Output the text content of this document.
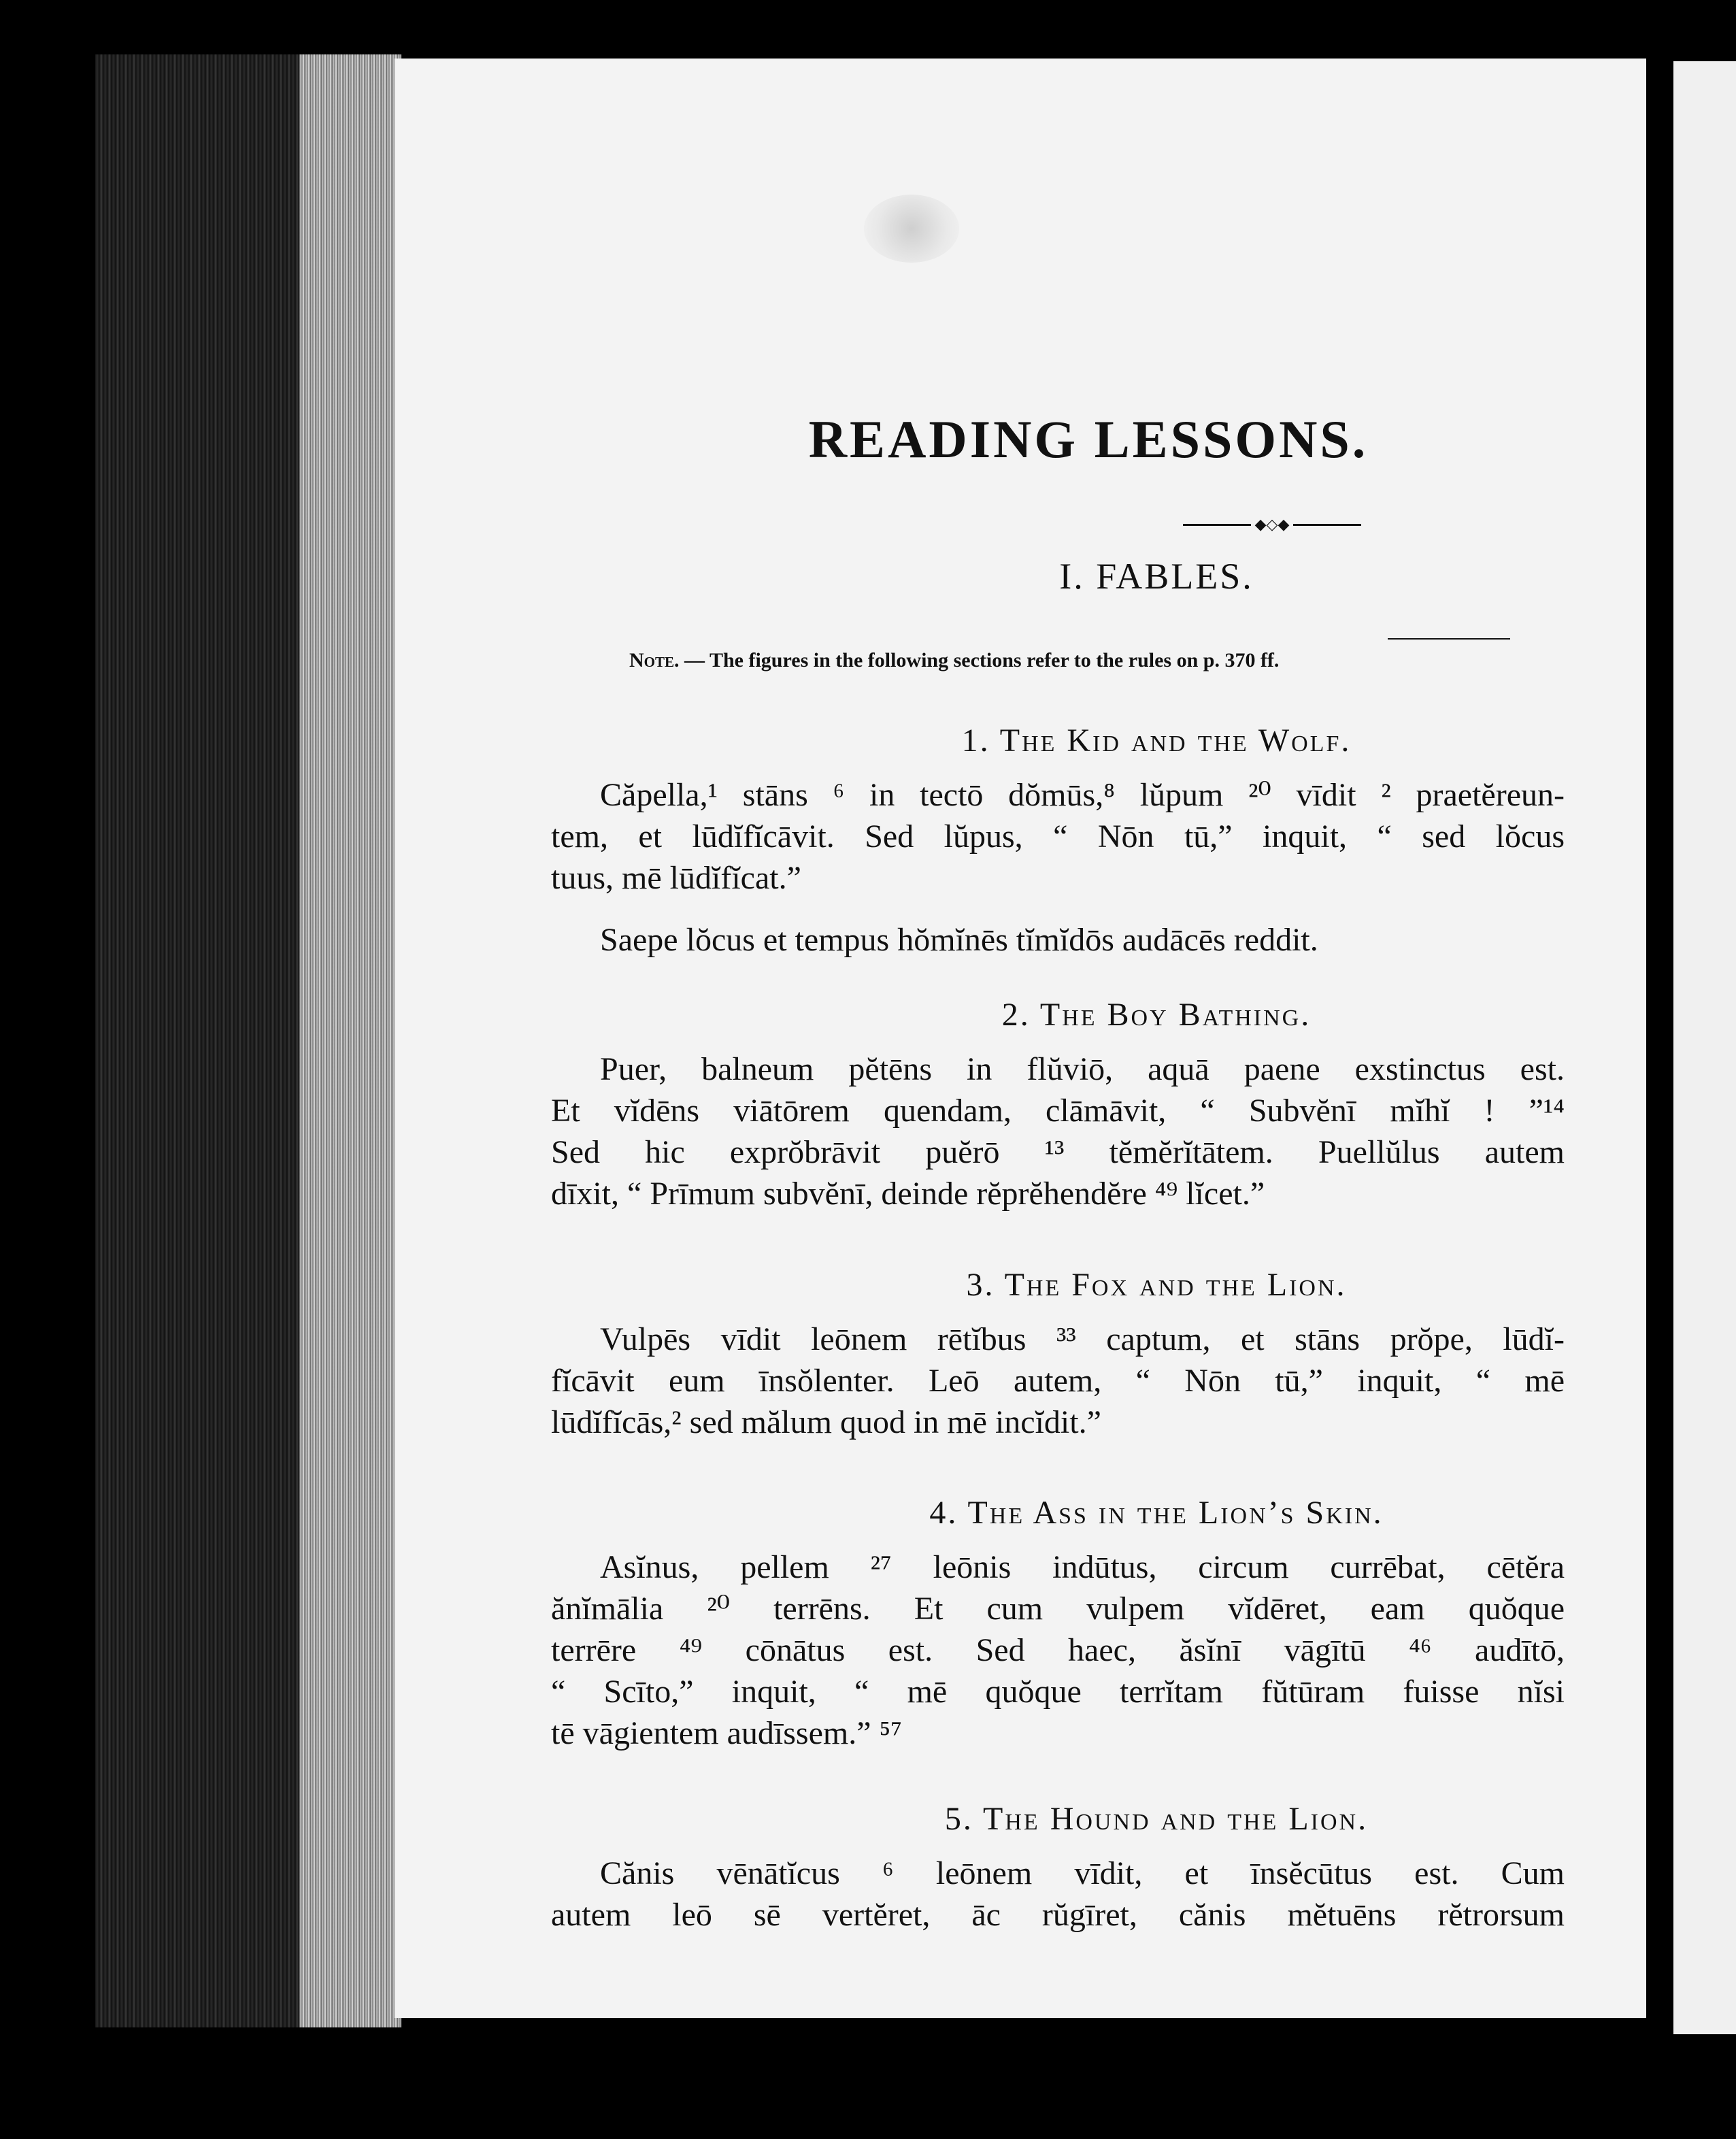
READING LESSONS.
◆◇◆
I. FABLES.
Note. — The figures in the following sections refer to the rules on p. 370 ff.
1. The Kid and the Wolf.
Căpella,¹ stāns ⁶ in tectō dŏmūs,⁸ lŭpum ²⁰ vīdit ² praetĕreun-
tem, et lūdĭfĭcāvit. Sed lŭpus, “ Nōn tū,” inquit, “ sed lŏcus
tuus, mē lūdĭfĭcat.”
Saepe lŏcus et tempus hŏmĭnēs tĭmĭdōs audācēs reddit.
2. The Boy Bathing.
Puer, balneum pĕtēns in flŭviō, aquā paene exstinctus est.
Et vĭdēns viātōrem quendam, clāmāvit, “ Subvĕnī mĭhĭ ! ”¹⁴
Sed hic exprŏbrāvit puĕrō ¹³ tĕmĕrĭtātem. Puellŭlus autem
dīxit, “ Prīmum subvĕnī, deinde rĕprĕhendĕre ⁴⁹ lĭcet.”
3. The Fox and the Lion.
Vulpēs vīdit leōnem rētĭbus ³³ captum, et stāns prŏpe, lūdĭ-
fĭcāvit eum īnsŏlenter. Leō autem, “ Nōn tū,” inquit, “ mē
lūdĭfĭcās,² sed mălum quod in mē incĭdit.”
4. The Ass in the Lion’s Skin.
Asĭnus, pellem ²⁷ leōnis indūtus, circum currēbat, cētĕra
ănĭmālia ²⁰ terrēns. Et cum vulpem vĭdēret, eam quŏque
terrēre ⁴⁹ cōnātus est. Sed haec, ăsĭnī vāgītū ⁴⁶ audītō,
“ Scīto,” inquit, “ mē quŏque terrĭtam fŭtūram fuisse nĭsi
tē vāgientem audīssem.” ⁵⁷
5. The Hound and the Lion.
Cănis vēnātĭcus ⁶ leōnem vīdit, et īnsĕcūtus est. Cum
autem leō sē vertĕret, āc rŭgīret, cănis mĕtuēns rĕtrorsum
